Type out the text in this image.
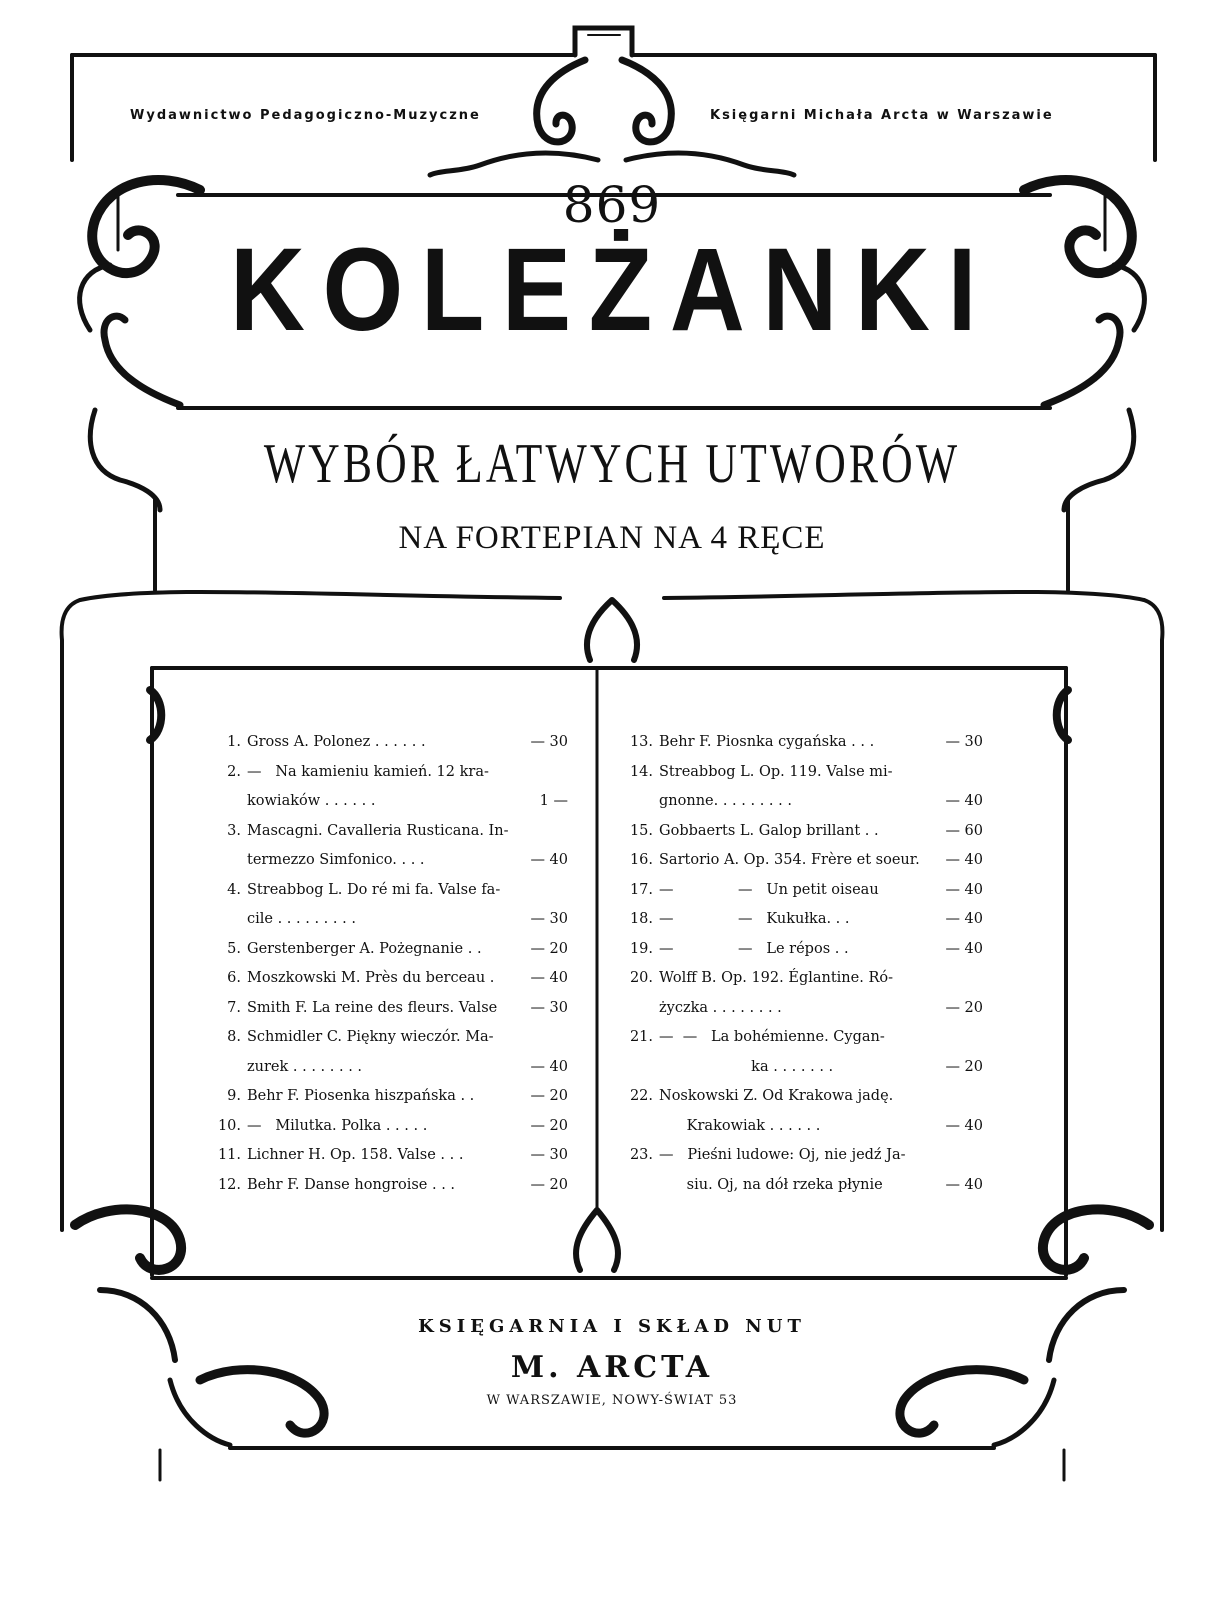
Wydawnictwo Pedagogiczno-Muzyczne	Księgarni Michała Arcta w Warszawie
869
KOLEŻANKI
WYBÓR ŁATWYCH UTWORÓW
NA FORTEPIAN NA 4 RĘCE
1. Gross A. Polonez . . . . . .	— 30
2. —   Na kamieniu kamień. 12 kra-
kowiaków . . . . . .	1 —
3. Mascagni. Cavalleria Rusticana. In-
termezzo Simfonico. . . .	— 40
4. Streabbog L. Do ré mi fa. Valse fa-
cile . . . . . . . . .	— 30
5. Gerstenberger A. Pożegnanie . .	— 20
6. Moszkowski M. Près du berceau .	— 40
7. Smith F. La reine des fleurs. Valse	— 30
8. Schmidler C. Piękny wieczór. Ma-
zurek . . . . . . . .	— 40
9. Behr F. Piosenka hiszpańska . .	— 20
10. —   Milutka. Polka . . . . .	— 20
11. Lichner H. Op. 158. Valse . . .	— 30
12. Behr F. Danse hongroise . . .	— 20
13. Behr F. Piosnka cygańska . . .	— 30
14. Streabbog L. Op. 119. Valse mi-
gnonne. . . . . . . . .	— 40
15. Gobbaerts L. Galop brillant . .	— 60
16. Sartorio A. Op. 354. Frère et soeur.	— 40
17. —              —   Un petit oiseau	— 40
18. —              —   Kukułka. . .	— 40
19. —              —   Le répos . .	— 40
20. Wolff B. Op. 192. Églantine. Ró-
życzka . . . . . . . .	— 20
21. —  —   La bohémienne. Cygan-
ka . . . . . . .	— 20
22. Noskowski Z. Od Krakowa jadę.
Krakowiak . . . . . .	— 40
23. —   Pieśni ludowe: Oj, nie jedź Ja-
siu. Oj, na dół rzeka płynie	— 40
KSIĘGARNIA I SKŁAD NUT
M. ARCTA
W WARSZAWIE, NOWY-ŚWIAT 53
